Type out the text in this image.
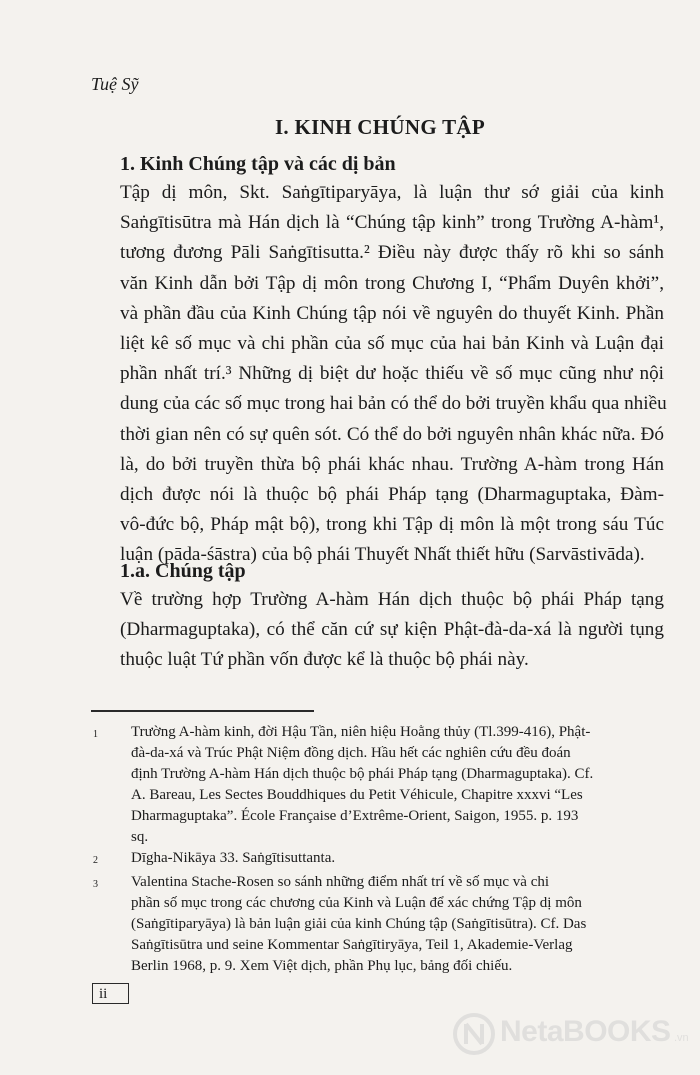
Tuệ Sỹ
I. KINH CHÚNG TẬP
1. Kinh Chúng tập và các dị bản
Tập dị môn, Skt. Saṅgītiparyāya, là luận thư sớ giải của kinh
Saṅgītisūtra mà Hán dịch là “Chúng tập kinh” trong Trường A-hàm¹,
tương đương Pāli Saṅgītisutta.² Điều này được thấy rõ khi so sánh
văn Kinh dẫn bởi Tập dị môn trong Chương I, “Phẩm Duyên khởi”,
và phần đầu của Kinh Chúng tập nói về nguyên do thuyết Kinh. Phần
liệt kê số mục và chi phần của số mục của hai bản Kinh và Luận đại
phần nhất trí.³ Những dị biệt dư hoặc thiếu về số mục cũng như nội
dung của các số mục trong hai bản có thể do bởi truyền khẩu qua nhiều
thời gian nên có sự quên sót. Có thể do bởi nguyên nhân khác nữa. Đó
là, do bởi truyền thừa bộ phái khác nhau. Trường A-hàm trong Hán
dịch được nói là thuộc bộ phái Pháp tạng (Dharmaguptaka, Đàm-
vô-đức bộ, Pháp mật bộ), trong khi Tập dị môn là một trong sáu Túc
luận (pāda-śāstra) của bộ phái Thuyết Nhất thiết hữu (Sarvāstivāda).
1.a. Chúng tập
Về trường hợp Trường A-hàm Hán dịch thuộc bộ phái Pháp tạng
(Dharmaguptaka), có thể căn cứ sự kiện Phật-đà-da-xá là người tụng
thuộc luật Tứ phần vốn được kể là thuộc bộ phái này.
1 Trường A-hàm kinh, đời Hậu Tần, niên hiệu Hoằng thủy (Tl.399-416), Phật-
đà-da-xá và Trúc Phật Niệm đồng dịch. Hầu hết các nghiên cứu đều đoán
định Trường A-hàm Hán dịch thuộc bộ phái Pháp tạng (Dharmaguptaka). Cf.
A. Bareau, Les Sectes Bouddhiques du Petit Véhicule, Chapitre xxxvi “Les
Dharmaguptaka”. École Française d’Extrême-Orient, Saigon, 1955. p. 193
sq.
2 Dīgha-Nikāya 33. Saṅgītisuttanta.
3 Valentina Stache-Rosen so sánh những điểm nhất trí về số mục và chi
phần số mục trong các chương của Kinh và Luận để xác chứng Tập dị môn
(Saṅgītiparyāya) là bản luận giải của kinh Chúng tập (Saṅgītisūtra). Cf. Das
Saṅgītisūtra und seine Kommentar Saṅgītiryāya, Teil 1, Akademie-Verlag
Berlin 1968, p. 9. Xem Việt dịch, phần Phụ lục, bảng đối chiếu.
ii
NetaBOOKS .vn
